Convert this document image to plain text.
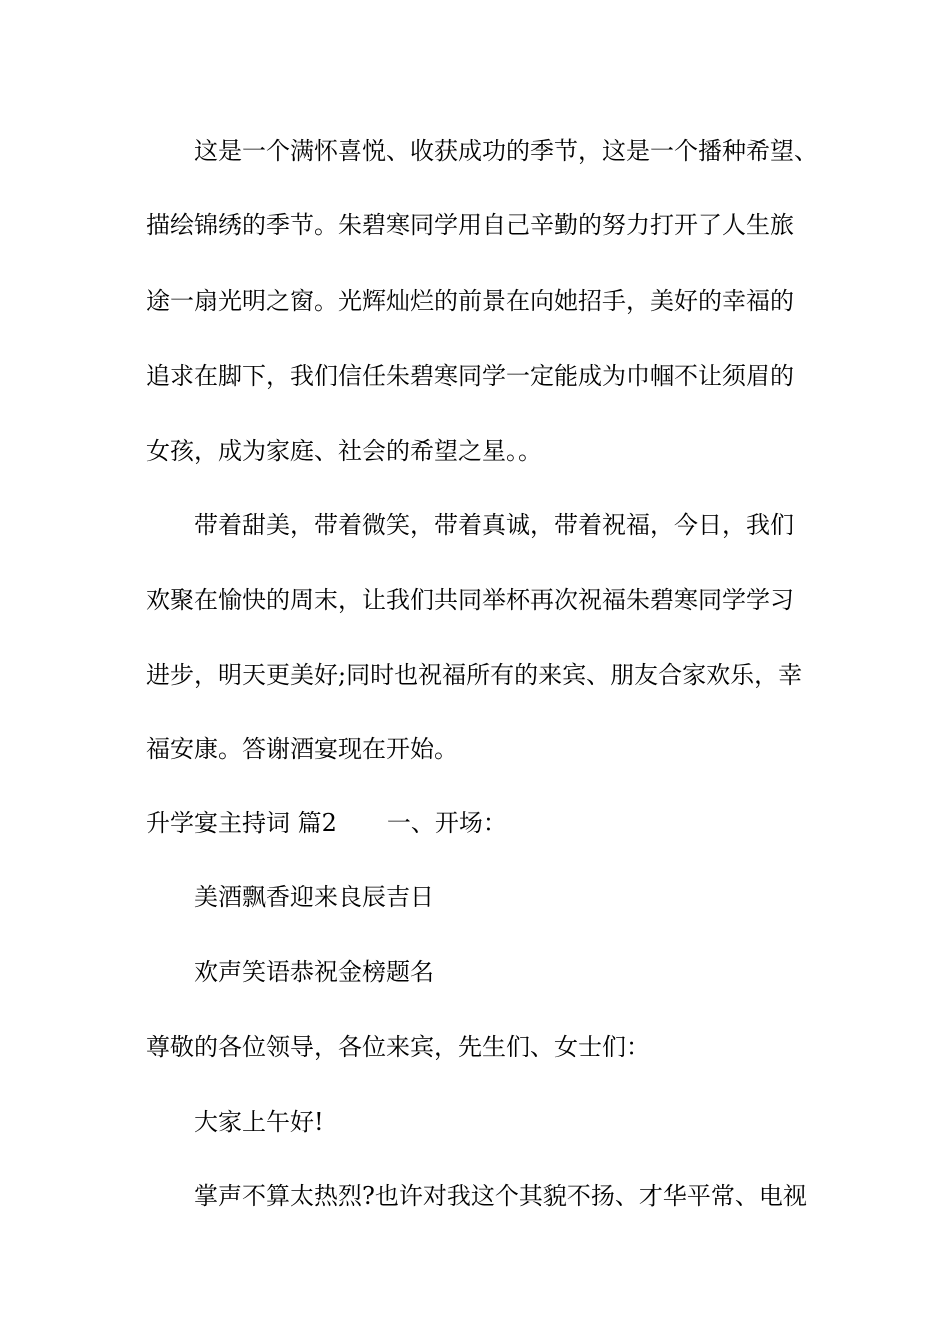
这是一个满怀喜悦、收获成功的季节，这是一个播种希望、

描绘锦绣的季节。朱碧寒同学用自己辛勤的努力打开了人生旅

途一扇光明之窗。光辉灿烂的前景在向她招手，美好的幸福的

追求在脚下，我们信任朱碧寒同学一定能成为巾帼不让须眉的

女孩，成为家庭、社会的希望之星。。

带着甜美，带着微笑，带着真诚，带着祝福，今日，我们

欢聚在愉快的周末，让我们共同举杯再次祝福朱碧寒同学学习

进步，明天更美好;同时也祝福所有的来宾、朋友合家欢乐，幸

福安康。答谢酒宴现在开始。

升学宴主持词 篇2 一、开场：

美酒飘香迎来良辰吉日

欢声笑语恭祝金榜题名

尊敬的各位领导，各位来宾，先生们、女士们：

大家上午好!

掌声不算太热烈?也许对我这个其貌不扬、才华平常、电视
